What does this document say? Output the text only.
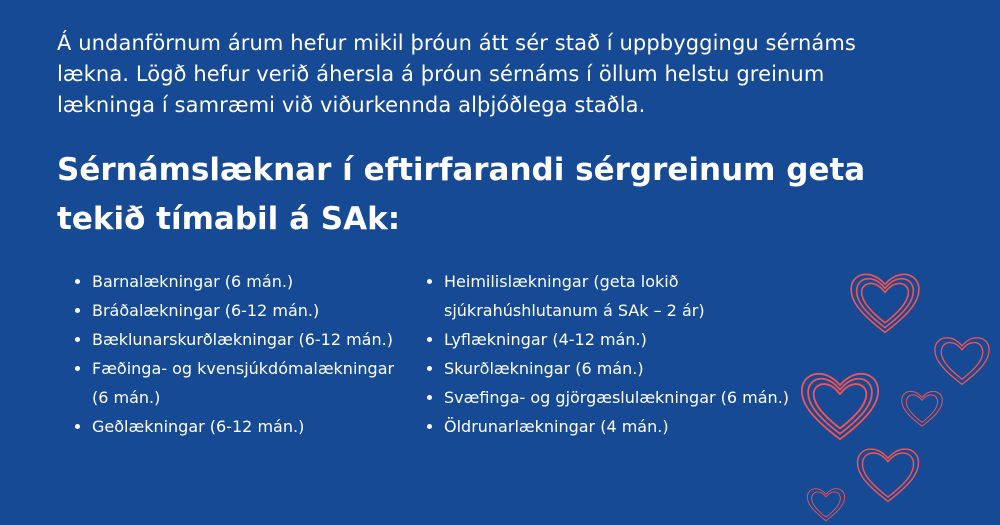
Á undanförnum árum hefur mikil þróun átt sér stað í uppbyggingu sérnáms lækna. Lögð hefur verið áhersla á þróun sérnáms í öllum helstu greinum lækninga í samræmi við viðurkennda alþjóðlega staðla.

Sérnámslæknar í eftirfarandi sérgreinum geta tekið tímabil á SAk:
Barnalækningar (6 mán.)
Bráðalækningar (6-12 mán.)
Bæklunarskurðlækningar (6-12 mán.)
Fæðinga- og kvensjúkdómalækningar (6 mán.)
Geðlækningar (6-12 mán.)
Heimilislækningar (geta lokið sjúkrahúshlutanum á SAk – 2 ár)
Lyflækningar (4-12 mán.)
Skurðlækningar (6 mán.)
Svæfinga- og gjörgæslulækningar (6 mán.)
Öldrunarlækningar (4 mán.)
